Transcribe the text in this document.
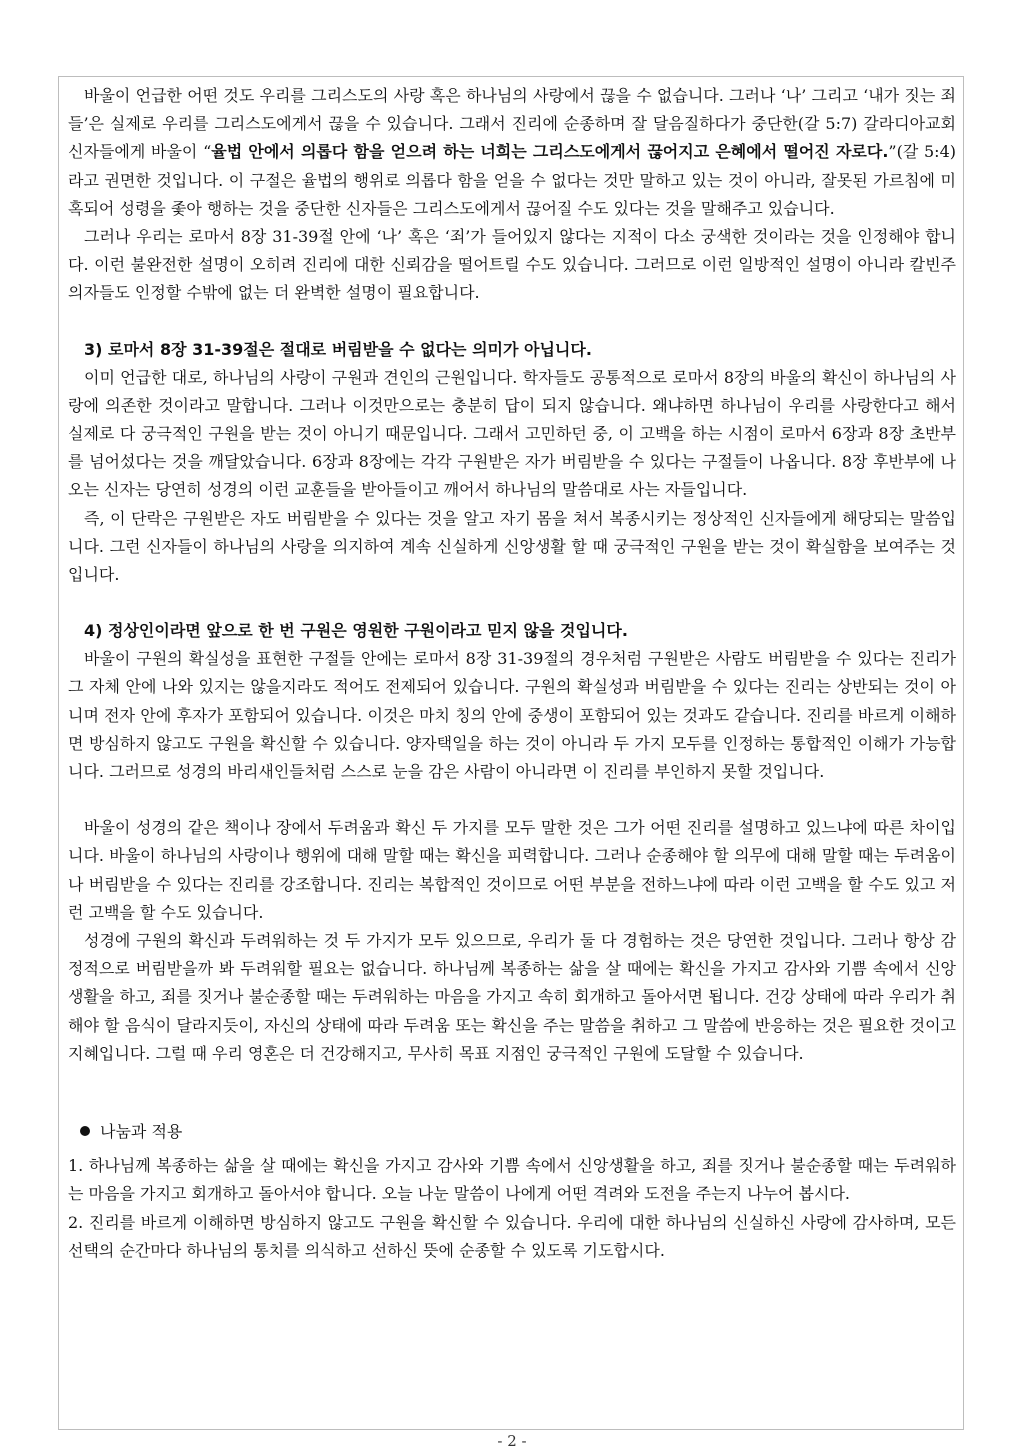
바울이 언급한 어떤 것도 우리를 그리스도의 사랑 혹은 하나님의 사랑에서 끊을 수 없습니다. 그러나 ‘나’ 그리고 ‘내가 짓는 죄들’은 실제로 우리를 그리스도에게서 끊을 수 있습니다. 그래서 진리에 순종하며 잘 달음질하다가 중단한(갈 5:7) 갈라디아교회 신자들에게 바울이 “율법 안에서 의롭다 함을 얻으려 하는 너희는 그리스도에게서 끊어지고 은혜에서 떨어진 자로다.”(갈 5:4)라고 권면한 것입니다. 이 구절은 율법의 행위로 의롭다 함을 얻을 수 없다는 것만 말하고 있는 것이 아니라, 잘못된 가르침에 미혹되어 성령을 좇아 행하는 것을 중단한 신자들은 그리스도에게서 끊어질 수도 있다는 것을 말해주고 있습니다.

그러나 우리는 로마서 8장 31-39절 안에 ‘나’ 혹은 ‘죄’가 들어있지 않다는 지적이 다소 궁색한 것이라는 것을 인정해야 합니다. 이런 불완전한 설명이 오히려 진리에 대한 신뢰감을 떨어트릴 수도 있습니다. 그러므로 이런 일방적인 설명이 아니라 칼빈주의자들도 인정할 수밖에 없는 더 완벽한 설명이 필요합니다.

3) 로마서 8장 31-39절은 절대로 버림받을 수 없다는 의미가 아닙니다.

이미 언급한 대로, 하나님의 사랑이 구원과 견인의 근원입니다. 학자들도 공통적으로 로마서 8장의 바울의 확신이 하나님의 사랑에 의존한 것이라고 말합니다. 그러나 이것만으로는 충분히 답이 되지 않습니다. 왜냐하면 하나님이 우리를 사랑한다고 해서 실제로 다 궁극적인 구원을 받는 것이 아니기 때문입니다. 그래서 고민하던 중, 이 고백을 하는 시점이 로마서 6장과 8장 초반부를 넘어섰다는 것을 깨달았습니다. 6장과 8장에는 각각 구원받은 자가 버림받을 수 있다는 구절들이 나옵니다. 8장 후반부에 나오는 신자는 당연히 성경의 이런 교훈들을 받아들이고 깨어서 하나님의 말씀대로 사는 자들입니다.

즉, 이 단락은 구원받은 자도 버림받을 수 있다는 것을 알고 자기 몸을 쳐서 복종시키는 정상적인 신자들에게 해당되는 말씀입니다. 그런 신자들이 하나님의 사랑을 의지하여 계속 신실하게 신앙생활 할 때 궁극적인 구원을 받는 것이 확실함을 보여주는 것입니다.

4) 정상인이라면 앞으로 한 번 구원은 영원한 구원이라고 믿지 않을 것입니다.

바울이 구원의 확실성을 표현한 구절들 안에는 로마서 8장 31-39절의 경우처럼 구원받은 사람도 버림받을 수 있다는 진리가 그 자체 안에 나와 있지는 않을지라도 적어도 전제되어 있습니다. 구원의 확실성과 버림받을 수 있다는 진리는 상반되는 것이 아니며 전자 안에 후자가 포함되어 있습니다. 이것은 마치 칭의 안에 중생이 포함되어 있는 것과도 같습니다. 진리를 바르게 이해하면 방심하지 않고도 구원을 확신할 수 있습니다. 양자택일을 하는 것이 아니라 두 가지 모두를 인정하는 통합적인 이해가 가능합니다. 그러므로 성경의 바리새인들처럼 스스로 눈을 감은 사람이 아니라면 이 진리를 부인하지 못할 것입니다.

바울이 성경의 같은 책이나 장에서 두려움과 확신 두 가지를 모두 말한 것은 그가 어떤 진리를 설명하고 있느냐에 따른 차이입니다. 바울이 하나님의 사랑이나 행위에 대해 말할 때는 확신을 피력합니다. 그러나 순종해야 할 의무에 대해 말할 때는 두려움이나 버림받을 수 있다는 진리를 강조합니다. 진리는 복합적인 것이므로 어떤 부분을 전하느냐에 따라 이런 고백을 할 수도 있고 저런 고백을 할 수도 있습니다.

성경에 구원의 확신과 두려워하는 것 두 가지가 모두 있으므로, 우리가 둘 다 경험하는 것은 당연한 것입니다. 그러나 항상 감정적으로 버림받을까 봐 두려워할 필요는 없습니다. 하나님께 복종하는 삶을 살 때에는 확신을 가지고 감사와 기쁨 속에서 신앙생활을 하고, 죄를 짓거나 불순종할 때는 두려워하는 마음을 가지고 속히 회개하고 돌아서면 됩니다. 건강 상태에 따라 우리가 취해야 할 음식이 달라지듯이, 자신의 상태에 따라 두려움 또는 확신을 주는 말씀을 취하고 그 말씀에 반응하는 것은 필요한 것이고 지혜입니다. 그럴 때 우리 영혼은 더 건강해지고, 무사히 목표 지점인 궁극적인 구원에 도달할 수 있습니다.

나눔과 적용

1. 하나님께 복종하는 삶을 살 때에는 확신을 가지고 감사와 기쁨 속에서 신앙생활을 하고, 죄를 짓거나 불순종할 때는 두려워하는 마음을 가지고 회개하고 돌아서야 합니다. 오늘 나눈 말씀이 나에게 어떤 격려와 도전을 주는지 나누어 봅시다.

2. 진리를 바르게 이해하면 방심하지 않고도 구원을 확신할 수 있습니다. 우리에 대한 하나님의 신실하신 사랑에 감사하며, 모든 선택의 순간마다 하나님의 통치를 의식하고 선하신 뜻에 순종할 수 있도록 기도합시다.

- 2 -
